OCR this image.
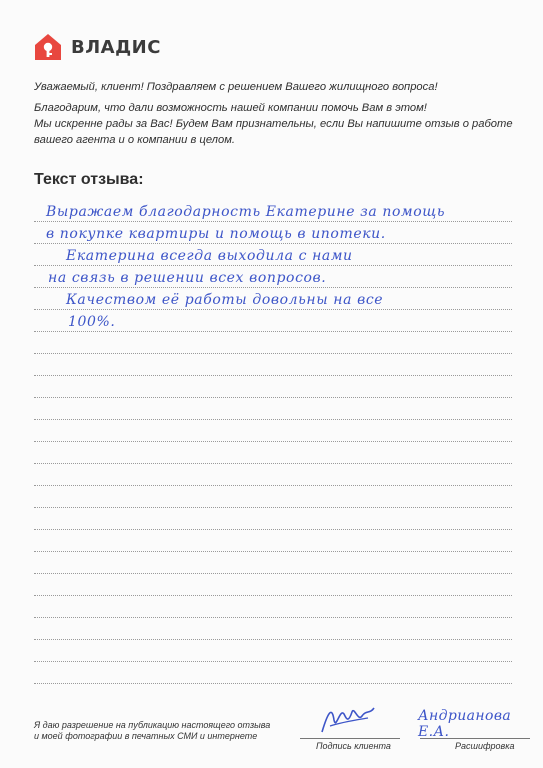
ВЛАДИС

Уважаемый, клиент! Поздравляем с решением Вашего жилищного вопроса!

Благодарим, что дали возможность нашей компании помочь Вам в этом!

Мы искренне рады за Вас! Будем Вам признательны, если Вы напишите отзыв о работе

вашего агента и о компании в целом.

Текст отзыва:
Выражаем благодарность Екатерине за помощь
в покупке квартиры и помощь в ипотеки.
Екатерина всегда выходила с нами
на связь в решении всех вопросов.
Качеством её работы довольны на все
100%.

Я даю разрешение на публикацию настоящего отзыва

и моей фотографии в печатных СМИ и интернете

Подпись клиента
Андрианова Е.А.
Расшифровка
